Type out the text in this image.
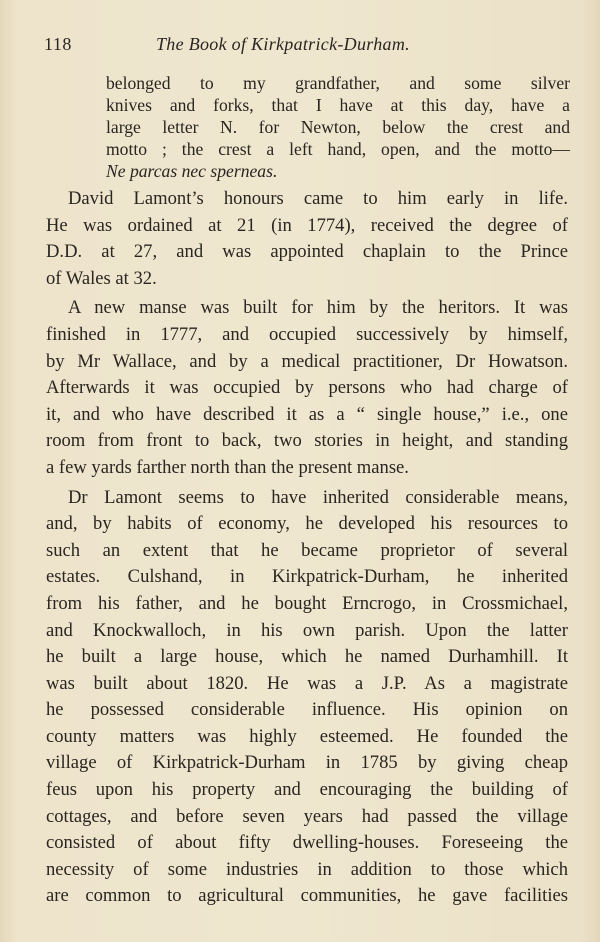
118	The Book of Kirkpatrick-Durham.
belonged to my grandfather, and some silver
knives and forks, that I have at this day, have a
large letter N. for Newton, below the crest and
motto ; the crest a left hand, open, and the motto—
Ne parcas nec sperneas.
David Lamont’s honours came to him early in life.
He was ordained at 21 (in 1774), received the degree of
D.D. at 27, and was appointed chaplain to the Prince
of Wales at 32.
A new manse was built for him by the heritors. It was
finished in 1777, and occupied successively by himself,
by Mr Wallace, and by a medical practitioner, Dr Howatson.
Afterwards it was occupied by persons who had charge of
it, and who have described it as a “ single house,” i.e., one
room from front to back, two stories in height, and standing
a few yards farther north than the present manse.
Dr Lamont seems to have inherited considerable means,
and, by habits of economy, he developed his resources to
such an extent that he became proprietor of several
estates. Culshand, in Kirkpatrick-Durham, he inherited
from his father, and he bought Erncrogo, in Crossmichael,
and Knockwalloch, in his own parish. Upon the latter
he built a large house, which he named Durhamhill. It
was built about 1820. He was a J.P. As a magistrate
he possessed considerable influence. His opinion on
county matters was highly esteemed. He founded the
village of Kirkpatrick-Durham in 1785 by giving cheap
feus upon his property and encouraging the building of
cottages, and before seven years had passed the village
consisted of about fifty dwelling-houses. Foreseeing the
necessity of some industries in addition to those which
are common to agricultural communities, he gave facilities
